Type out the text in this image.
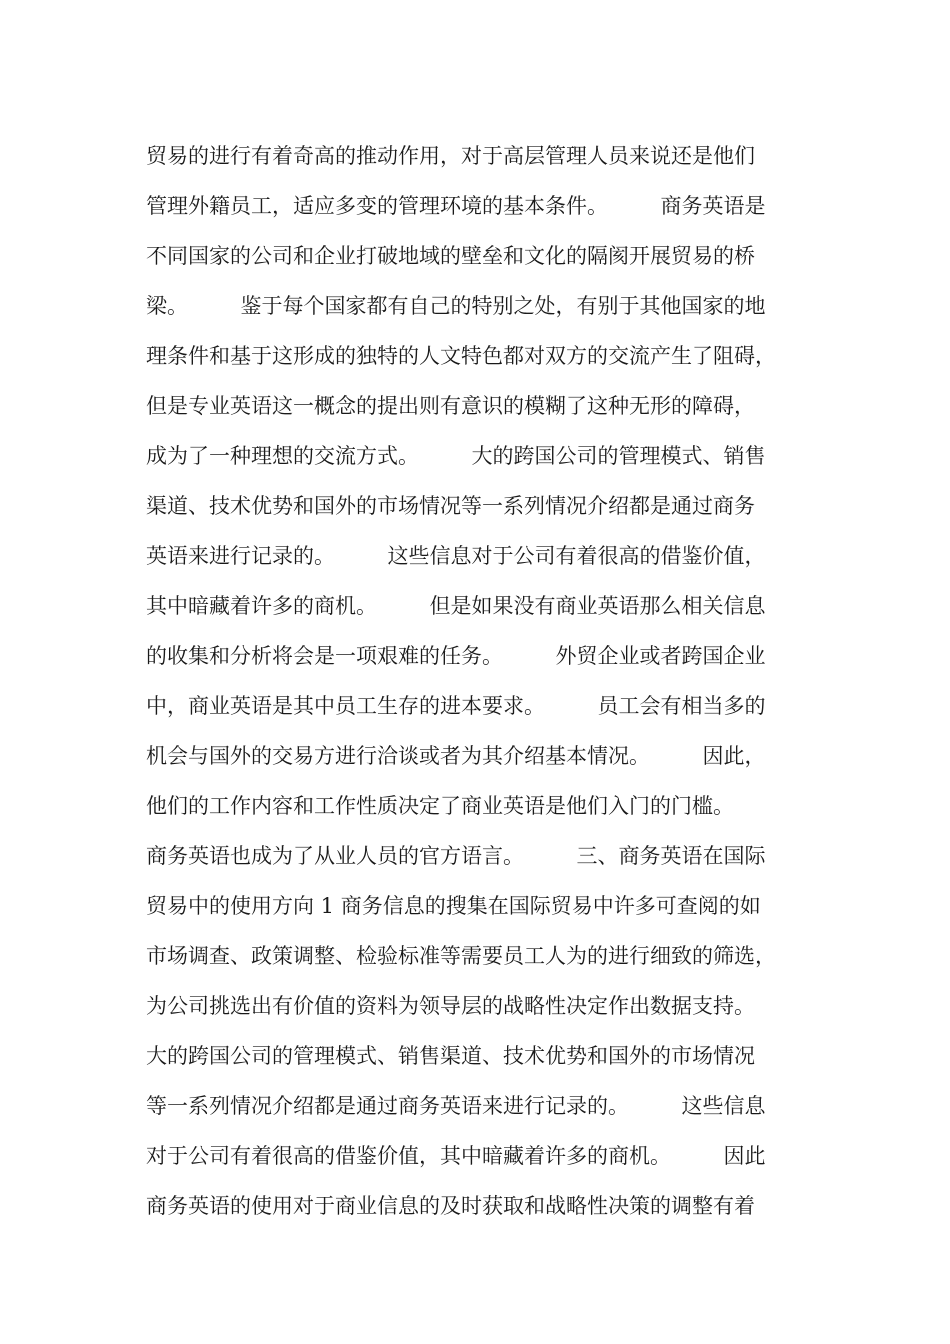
贸易的进行有着奇高的推动作用，对于高层管理人员来说还是他们
管理外籍员工，适应多变的管理环境的基本条件。　　　商务英语是
不同国家的公司和企业打破地域的壁垒和文化的隔阂开展贸易的桥
梁。　　　鉴于每个国家都有自己的特别之处，有别于其他国家的地
理条件和基于这形成的独特的人文特色都对双方的交流产生了阻碍，
但是专业英语这一概念的提出则有意识的模糊了这种无形的障碍，
成为了一种理想的交流方式。　　　大的跨国公司的管理模式、销售
渠道、技术优势和国外的市场情况等一系列情况介绍都是通过商务
英语来进行记录的。　　　这些信息对于公司有着很高的借鉴价值，
其中暗藏着许多的商机。　　　但是如果没有商业英语那么相关信息
的收集和分析将会是一项艰难的任务。　　　外贸企业或者跨国企业
中，商业英语是其中员工生存的进本要求。　　　员工会有相当多的
机会与国外的交易方进行洽谈或者为其介绍基本情况。　　　因此，
他们的工作内容和工作性质决定了商业英语是他们入门的门槛。
商务英语也成为了从业人员的官方语言。　　　三、商务英语在国际
贸易中的使用方向 1 商务信息的搜集在国际贸易中许多可查阅的如
市场调查、政策调整、检验标准等需要员工人为的进行细致的筛选，
为公司挑选出有价值的资料为领导层的战略性决定作出数据支持。
大的跨国公司的管理模式、销售渠道、技术优势和国外的市场情况
等一系列情况介绍都是通过商务英语来进行记录的。　　　这些信息
对于公司有着很高的借鉴价值，其中暗藏着许多的商机。　　　因此
商务英语的使用对于商业信息的及时获取和战略性决策的调整有着
